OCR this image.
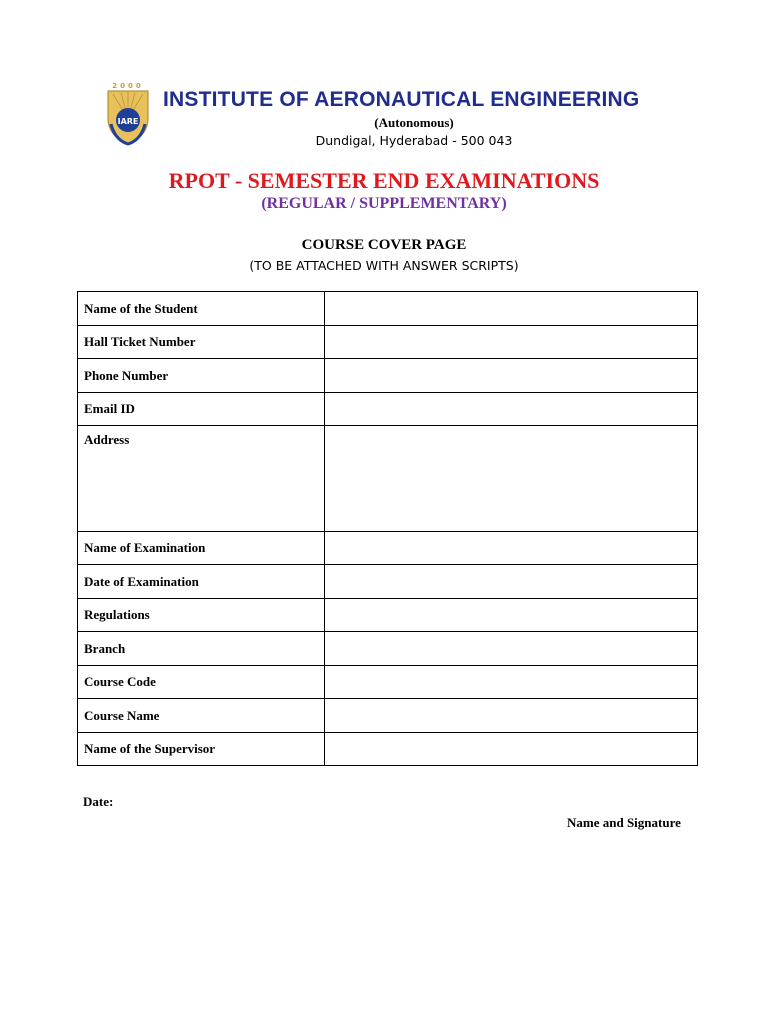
2000
IARE
INSTITUTE OF AERONAUTICAL ENGINEERING
(Autonomous)
Dundigal, Hyderabad - 500 043
RPOT - SEMESTER END EXAMINATIONS
(REGULAR / SUPPLEMENTARY)
COURSE COVER PAGE
(TO BE ATTACHED WITH ANSWER SCRIPTS)
Name of the Student	
Hall Ticket Number	
Phone Number	
Email ID	
Address	
Name of Examination	
Date of Examination	
Regulations	
Branch	
Course Code	
Course Name	
Name of the Supervisor	
Date:
Name and Signature
